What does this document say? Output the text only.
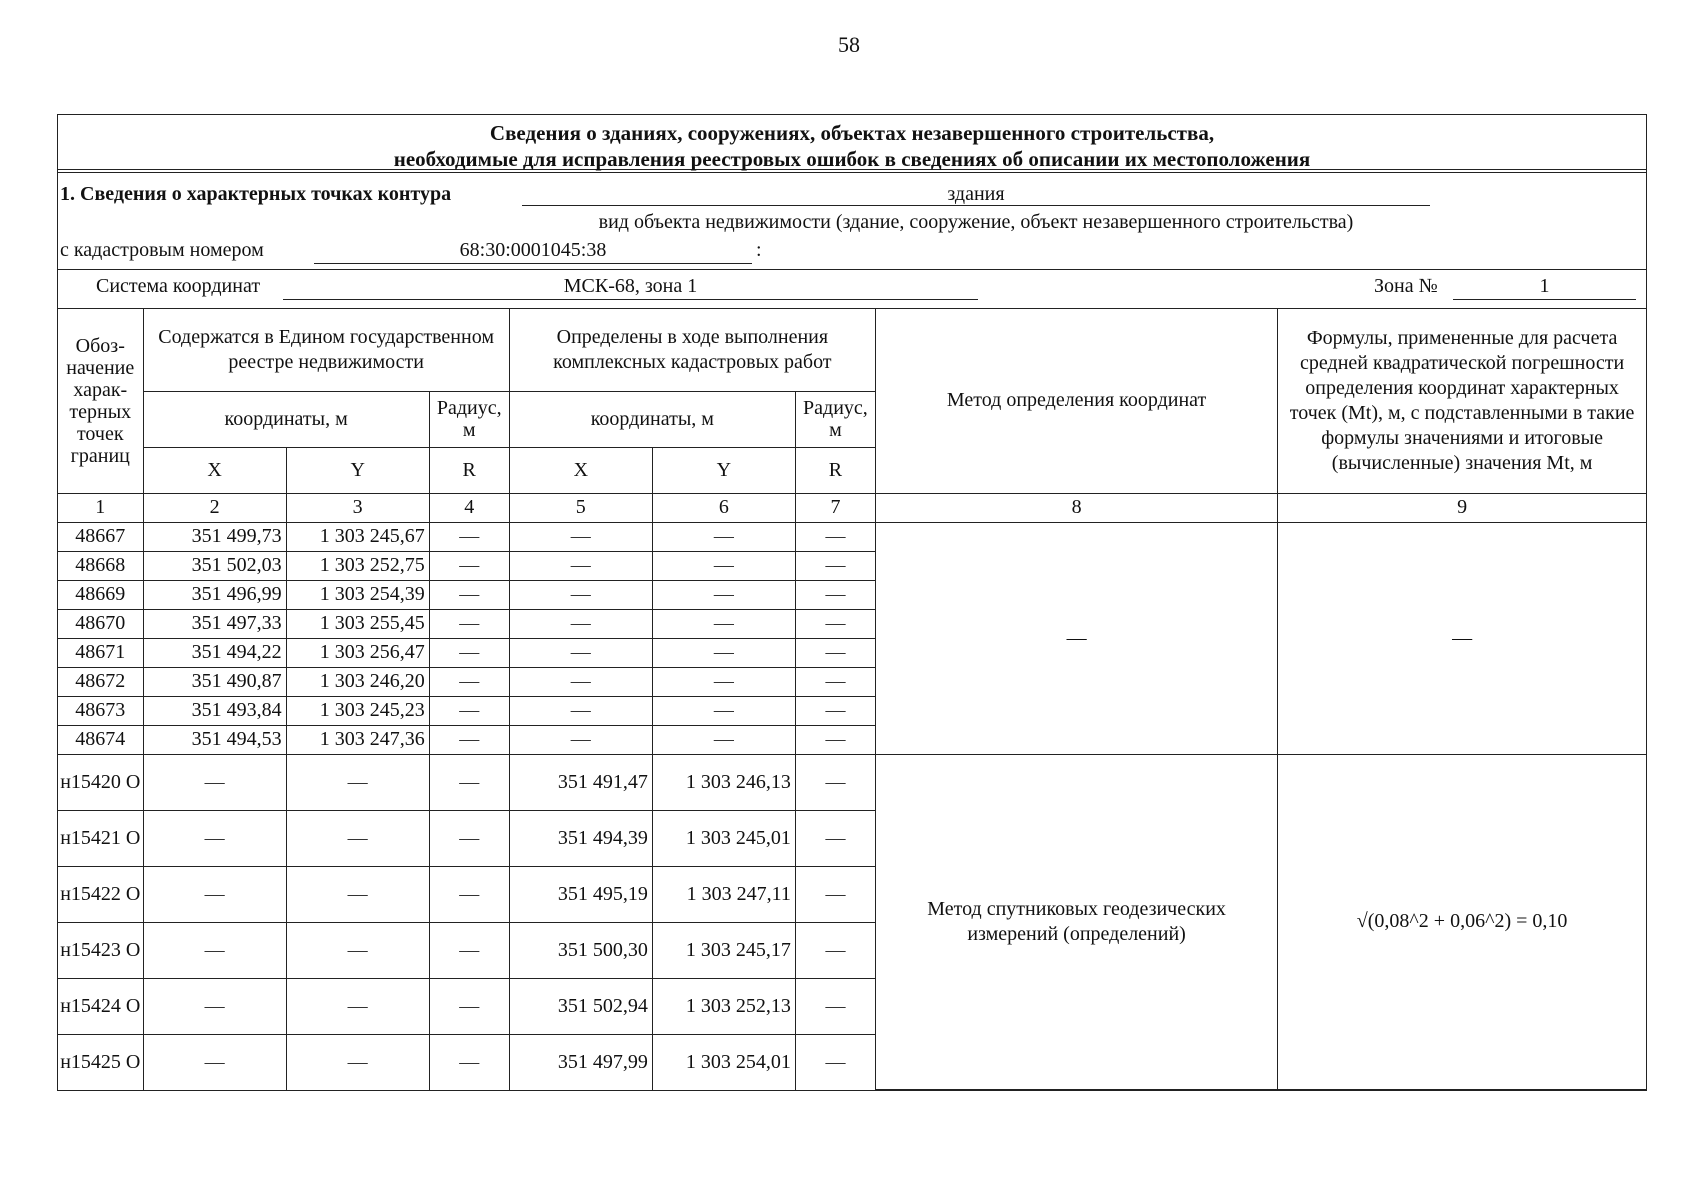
58
Сведения о зданиях, сооружениях, объектах незавершенного строительства,
необходимые для исправления реестровых ошибок в сведениях об описании их местоположения
1. Сведения о характерных точках контура	здания
вид объекта недвижимости (здание, сооружение, объект незавершенного строительства)
с кадастровым номером	68:30:0001045:38	:
Система координат	МСК-68, зона 1	Зона №	1
Обоз-начение харак-терных точек границ	Содержатся в Едином государственном реестре недвижимости			Определены в ходе выполнения комплексных кадастровых работ			Метод определения координат	Формулы, примененные для расчета средней квадратической погрешности определения координат характерных точек (Mt), м, с подставленными в такие формулы значениями и итоговые (вычисленные) значения Mt, м
	координаты, м		Радиус, м	координаты, м		Радиус, м		
	X	Y	R	X	Y	R		
1	2	3	4	5	6	7	8	9
48667	351 499,73	1 303 245,67	—	—	—	—	—	—
48668	351 502,03	1 303 252,75	—	—	—	—		
48669	351 496,99	1 303 254,39	—	—	—	—		
48670	351 497,33	1 303 255,45	—	—	—	—		
48671	351 494,22	1 303 256,47	—	—	—	—		
48672	351 490,87	1 303 246,20	—	—	—	—		
48673	351 493,84	1 303 245,23	—	—	—	—		
48674	351 494,53	1 303 247,36	—	—	—	—		
н15420 О	—	—	—	351 491,47	1 303 246,13	—	Метод спутниковых геодезических измерений (определений)	√(0,08^2 + 0,06^2) = 0,10
н15421 О	—	—	—	351 494,39	1 303 245,01	—		
н15422 О	—	—	—	351 495,19	1 303 247,11	—		
н15423 О	—	—	—	351 500,30	1 303 245,17	—		
н15424 О	—	—	—	351 502,94	1 303 252,13	—		
н15425 О	—	—	—	351 497,99	1 303 254,01	—		
